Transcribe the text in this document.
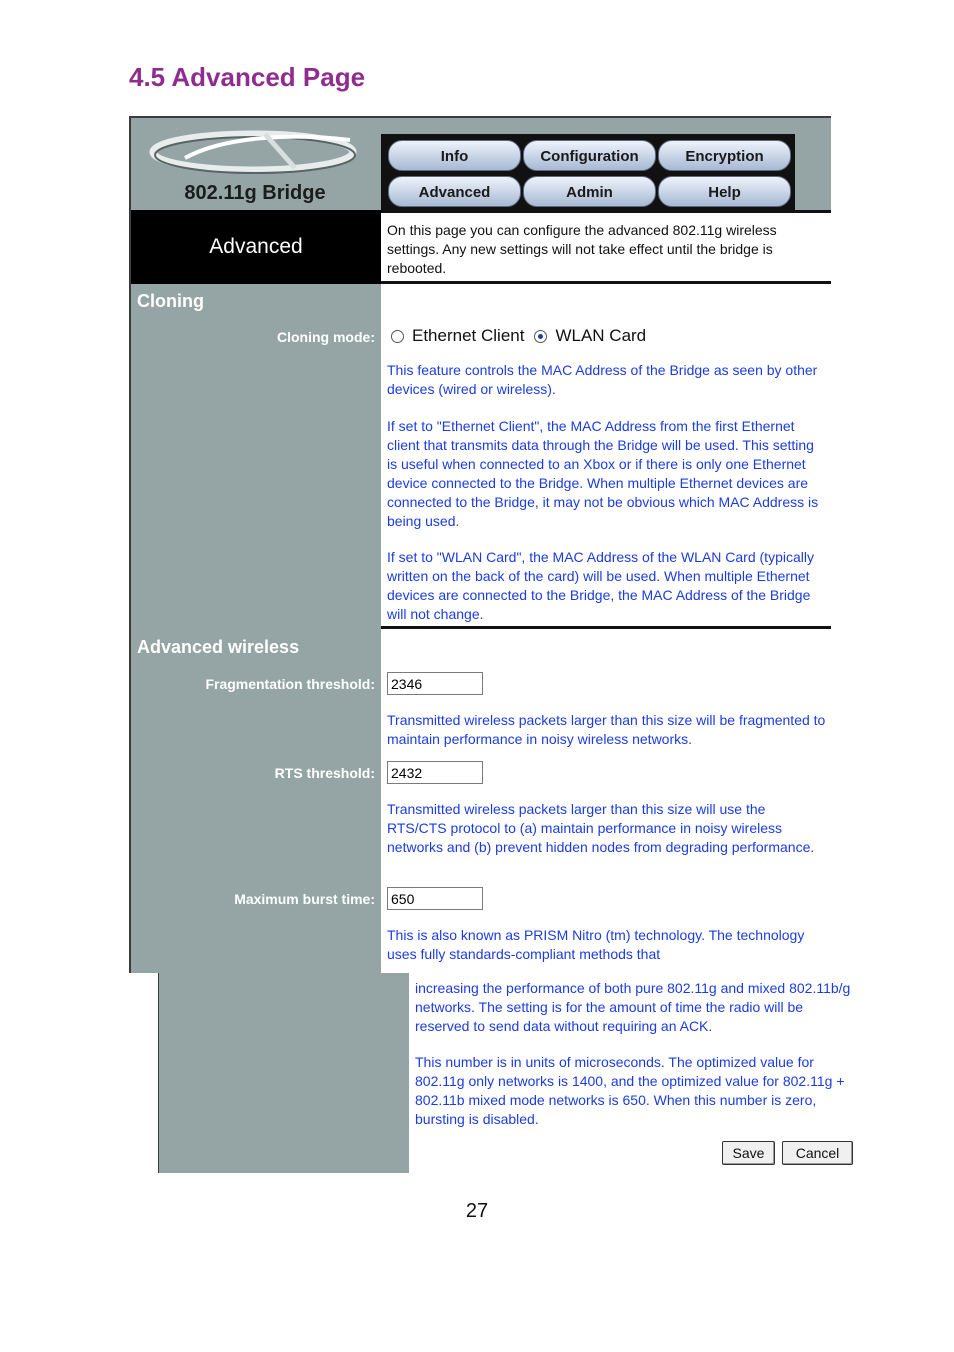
4.5 Advanced Page
802.11g Bridge
Info	Configuration	Encryption
Advanced	Admin	Help
Advanced
On this page you can configure the advanced 802.11g wireless settings. Any new settings will not take effect until the bridge is rebooted.
Cloning
Cloning mode: Ethernet Client WLAN Card
This feature controls the MAC Address of the Bridge as seen by other devices (wired or wireless).
If set to "Ethernet Client", the MAC Address from the first Ethernet client that transmits data through the Bridge will be used. This setting is useful when connected to an Xbox or if there is only one Ethernet device connected to the Bridge. When multiple Ethernet devices are connected to the Bridge, it may not be obvious which MAC Address is being used.
If set to "WLAN Card", the MAC Address of the WLAN Card (typically written on the back of the card) will be used. When multiple Ethernet devices are connected to the Bridge, the MAC Address of the Bridge will not change.
Advanced wireless
Fragmentation threshold:
2346
Transmitted wireless packets larger than this size will be fragmented to maintain performance in noisy wireless networks.
RTS threshold:
2432
Transmitted wireless packets larger than this size will use the RTS/CTS protocol to (a) maintain performance in noisy wireless networks and (b) prevent hidden nodes from degrading performance.
Maximum burst time:
650
This is also known as PRISM Nitro (tm) technology. The technology uses fully standards-compliant methods that
increasing the performance of both pure 802.11g and mixed 802.11b/g networks. The setting is for the amount of time the radio will be reserved to send data without requiring an ACK.
This number is in units of microseconds. The optimized value for 802.11g only networks is 1400, and the optimized value for 802.11g + 802.11b mixed mode networks is 650. When this number is zero, bursting is disabled.
Save	Cancel
27
